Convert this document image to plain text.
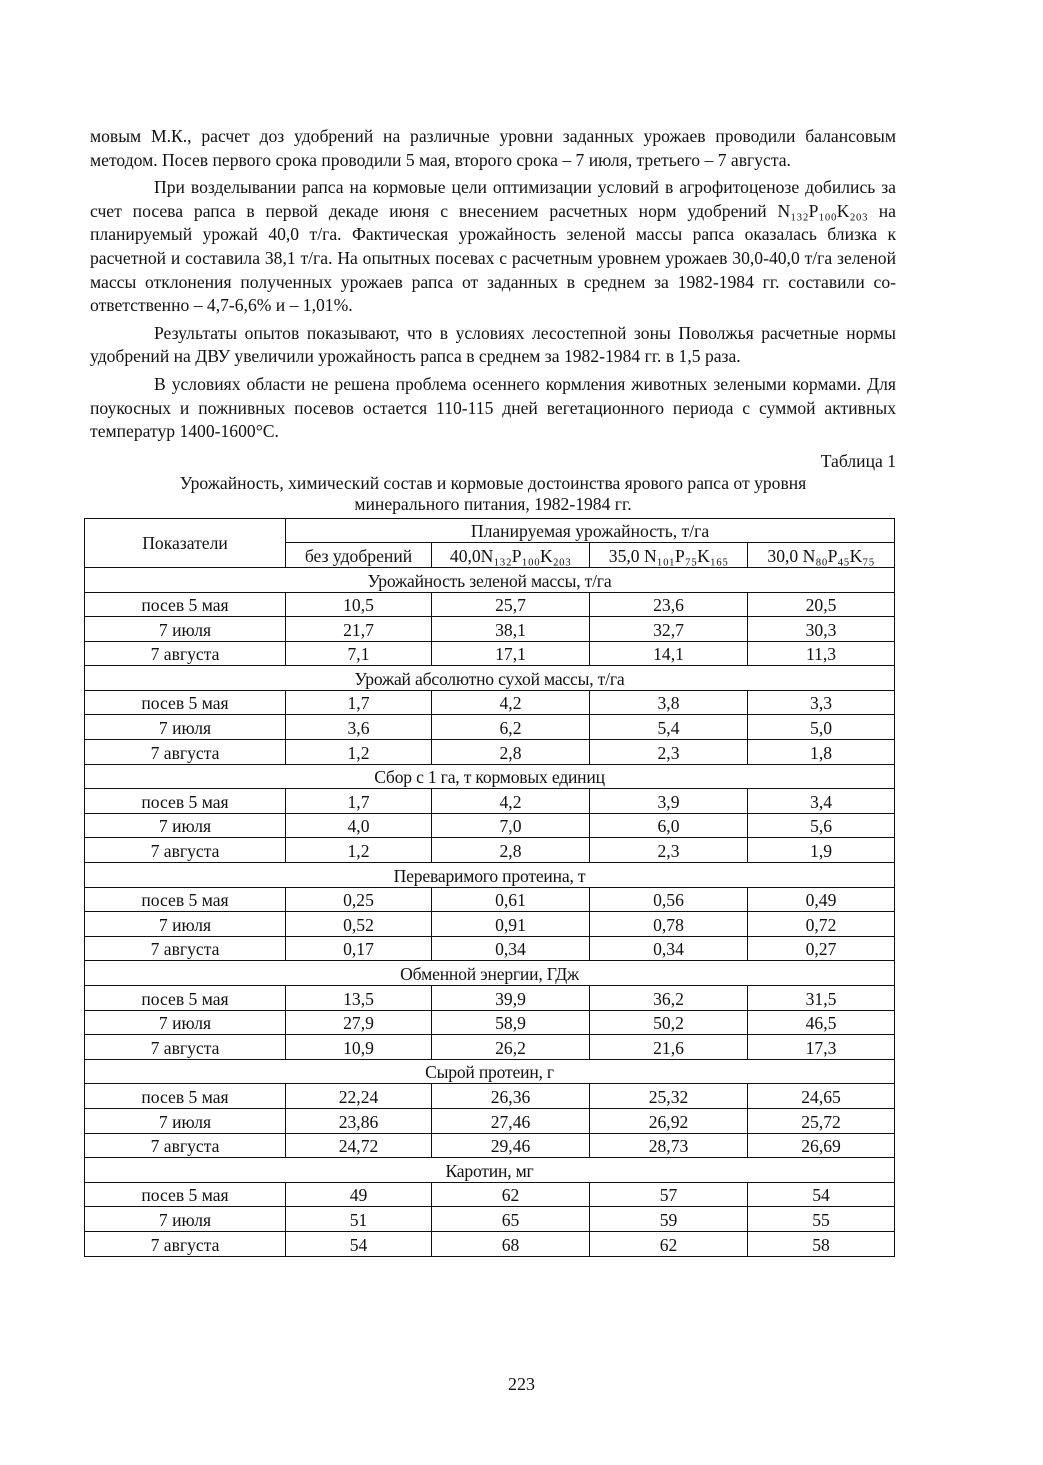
мовым М.К., расчет доз удобрений на различные уровни заданных урожаев проводили балансовым методом. Посев первого срока проводили 5 мая, второго срока – 7 июля, третьего – 7 августа.

При возделывании рапса на кормовые цели оптимизации условий в агрофитоценозе добились за счет посева рапса в первой декаде июня с внесением расчетных норм удобрений N₁₃₂P₁₀₀K₂₀₃ на планируемый урожай 40,0 т/га. Фактическая урожайность зеленой массы рапса оказалась близка к расчетной и составила 38,1 т/га. На опытных посевах с расчетным уровнем урожаев 30,0-40,0 т/га зеленой массы отклонения полученных урожаев рапса от заданных в среднем за 1982-1984 гг. составили соответственно – 4,7-6,6% и – 1,01%.

Результаты опытов показывают, что в условиях лесостепной зоны Поволжья расчетные нормы удобрений на ДВУ увеличили урожайность рапса в среднем за 1982-1984 гг. в 1,5 раза.

В условиях области не решена проблема осеннего кормления животных зелеными кормами. Для поукосных и пожнивных посевов остается 110-115 дней вегетационного периода с суммой активных температур 1400-1600°С.

Таблица 1
Урожайность, химический состав и кормовые достоинства ярового рапса от уровня
минерального питания, 1982-1984 гг.
Показатели	Планируемая урожайность, т/га			
	без удобрений	40,0N₁₃₂P₁₀₀K₂₀₃	35,0 N₁₀₁P₇₅K₁₆₅	30,0 N₈₀P₄₅K₇₅
Урожайность зеленой массы, т/га				
посев 5 мая	10,5	25,7	23,6	20,5
7 июля	21,7	38,1	32,7	30,3
7 августа	7,1	17,1	14,1	11,3
Урожай абсолютно сухой массы, т/га				
посев 5 мая	1,7	4,2	3,8	3,3
7 июля	3,6	6,2	5,4	5,0
7 августа	1,2	2,8	2,3	1,8
Сбор с 1 га, т кормовых единиц				
посев 5 мая	1,7	4,2	3,9	3,4
7 июля	4,0	7,0	6,0	5,6
7 августа	1,2	2,8	2,3	1,9
Переваримого протеина, т				
посев 5 мая	0,25	0,61	0,56	0,49
7 июля	0,52	0,91	0,78	0,72
7 августа	0,17	0,34	0,34	0,27
Обменной энергии, ГДж				
посев 5 мая	13,5	39,9	36,2	31,5
7 июля	27,9	58,9	50,2	46,5
7 августа	10,9	26,2	21,6	17,3
Сырой протеин, г				
посев 5 мая	22,24	26,36	25,32	24,65
7 июля	23,86	27,46	26,92	25,72
7 августа	24,72	29,46	28,73	26,69
Каротин, мг				
посев 5 мая	49	62	57	54
7 июля	51	65	59	55
7 августа	54	68	62	58
223
